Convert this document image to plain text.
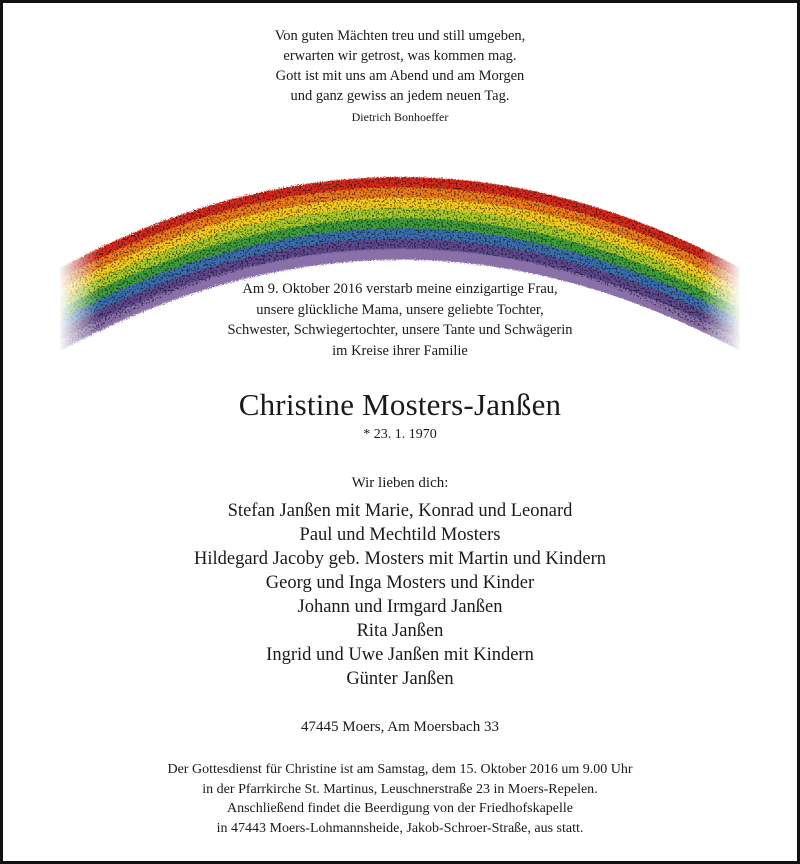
Von guten Mächten treu und still umgeben,
erwarten wir getrost, was kommen mag.
Gott ist mit uns am Abend und am Morgen
und ganz gewiss an jedem neuen Tag.
Dietrich Bonhoeffer
Am 9. Oktober 2016 verstarb meine einzigartige Frau,
unsere glückliche Mama, unsere geliebte Tochter,
Schwester, Schwiegertochter, unsere Tante und Schwägerin
im Kreise ihrer Familie
Christine Mosters-Janßen
* 23. 1. 1970
Wir lieben dich:
Stefan Janßen mit Marie, Konrad und Leonard
Paul und Mechtild Mosters
Hildegard Jacoby geb. Mosters mit Martin und Kindern
Georg und Inga Mosters und Kinder
Johann und Irmgard Janßen
Rita Janßen
Ingrid und Uwe Janßen mit Kindern
Günter Janßen
47445 Moers, Am Moersbach 33
Der Gottesdienst für Christine ist am Samstag, dem 15. Oktober 2016 um 9.00 Uhr
in der Pfarrkirche St. Martinus, Leuschnerstraße 23 in Moers-Repelen.
Anschließend findet die Beerdigung von der Friedhofskapelle
in 47443 Moers-Lohmannsheide, Jakob-Schroer-Straße, aus statt.
